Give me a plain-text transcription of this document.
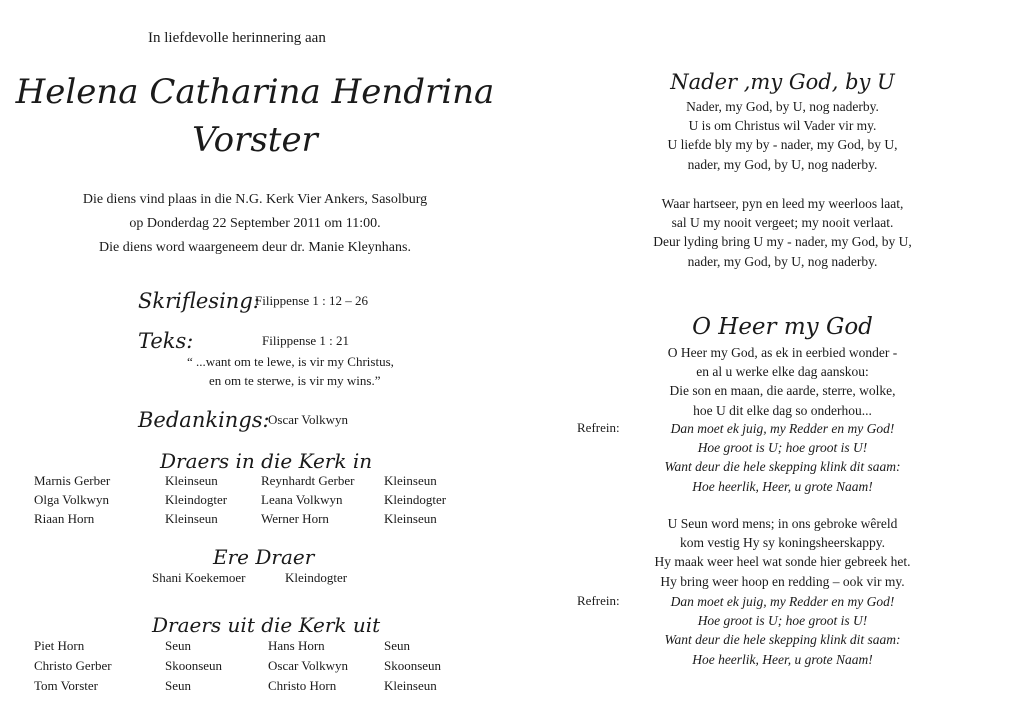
In liefdevolle herinnering aan
Helena Catharina Hendrina
Vorster
Die diens vind plaas in die N.G. Kerk Vier Ankers, Sasolburg
op Donderdag 22 September 2011 om 11:00.
Die diens word waargeneem deur dr. Manie Kleynhans.
Skriflesing:
Filippense 1 : 12 – 26
Teks:	Filippense 1 : 21
“ ...want om te lewe, is vir my Christus,
en om te sterwe, is vir my wins.”
Bedankings:
Oscar Volkwyn
Draers in die Kerk in
Marnis Gerber	Kleinseun	Reynhardt Gerber Kleinseun
Olga Volkwyn	Kleindogter	Leana Volkwyn	Kleindogter
Riaan Horn	Kleinseun	Werner Horn	Kleinseun
Ere Draer
Shani Koekemoer	Kleindogter
Draers uit die Kerk uit
Piet Horn	Seun	Hans Horn	Seun
Christo Gerber	Skoonseun	Oscar Volkwyn	Skoonseun
Tom Vorster	Seun	Christo Horn	Kleinseun
Nader ,my God, by U
Nader, my God, by U, nog naderby.
U is om Christus wil Vader vir my.
U liefde bly my by - nader, my God, by U,
nader, my God, by U, nog naderby.
Waar hartseer, pyn en leed my weerloos laat,
sal U my nooit vergeet; my nooit verlaat.
Deur lyding bring U my - nader, my God, by U,
nader, my God, by U, nog naderby.
O Heer my God
O Heer my God, as ek in eerbied wonder -
en al u werke elke dag aanskou:
Die son en maan, die aarde, sterre, wolke,
hoe U dit elke dag so onderhou...
Refrein:	Dan moet ek juig, my Redder en my God!
Hoe groot is U; hoe groot is U!
Want deur die hele skepping klink dit saam:
Hoe heerlik, Heer, u grote Naam!
U Seun word mens; in ons gebroke wêreld
kom vestig Hy sy koningsheerskappy.
Hy maak weer heel wat sonde hier gebreek het.
Hy bring weer hoop en redding – ook vir my.
Refrein:	Dan moet ek juig, my Redder en my God!
Hoe groot is U; hoe groot is U!
Want deur die hele skepping klink dit saam:
Hoe heerlik, Heer, u grote Naam!
